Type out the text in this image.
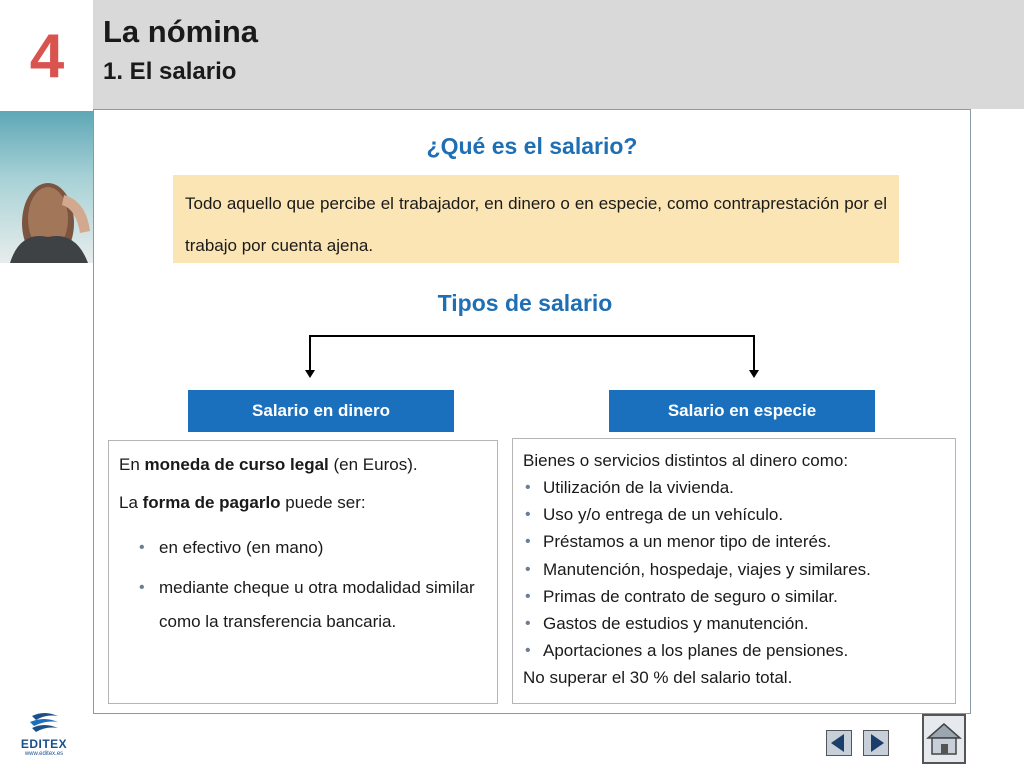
4 La nómina
1. El salario
¿Qué es el salario?
Todo aquello que percibe el trabajador, en dinero o en especie, como contraprestación por el trabajo por cuenta ajena.
Tipos de salario
Salario en dinero	Salario en especie

En moneda de curso legal (en Euros).

La forma de pagarlo puede ser:

• en efectivo (en mano)
• mediante cheque u otra modalidad similar como la transferencia bancaria.

Bienes o servicios distintos al dinero como:

• Utilización de la vivienda.
• Uso y/o entrega de un vehículo.
• Préstamos a un menor tipo de interés.
• Manutención, hospedaje, viajes y similares.
• Primas de contrato de seguro o similar.
• Gastos de estudios y manutención.
• Aportaciones a los planes de pensiones.

No superar el 30 % del salario total.

EDITEX
www.editex.es
